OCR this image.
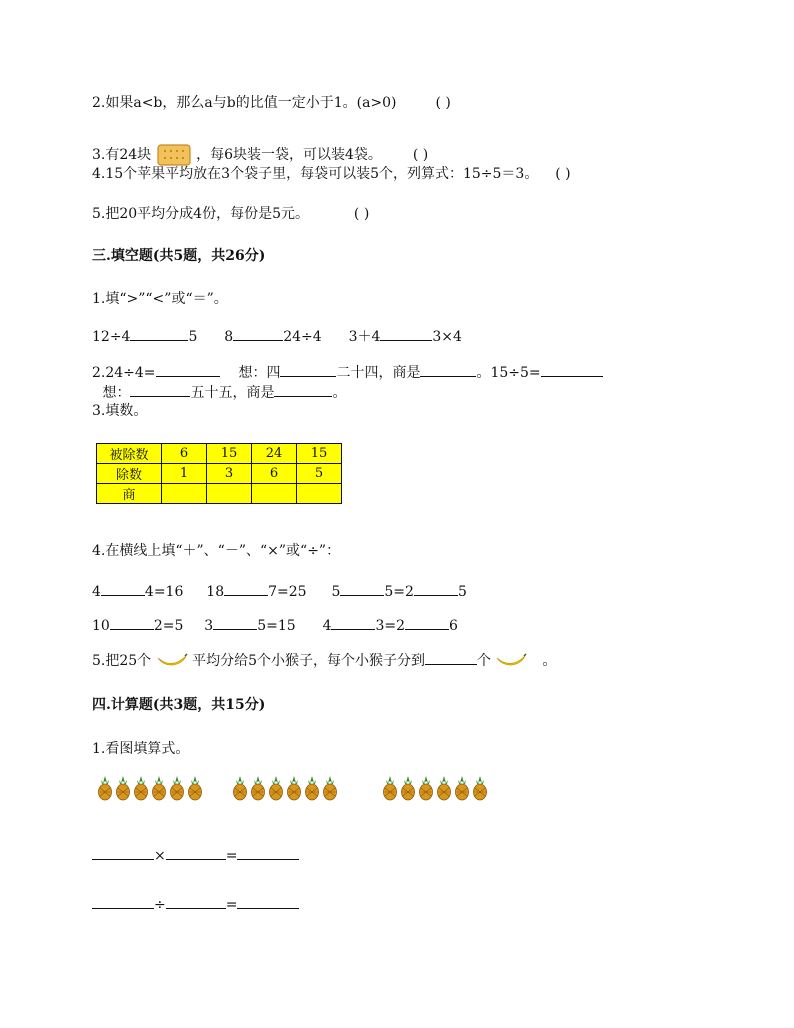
2.如果a<b，那么a与b的比值一定小于1。(a>0)	( )
3.有24块	，每6块装一袋，可以装4袋。 ( )
4.15个苹果平均放在3个袋子里，每袋可以装5个，列算式：15÷5＝3。 ( )
5.把20平均分成4份，每份是5元。	( )
三.填空题(共5题，共26分)
1.填“>”“<”或“＝”。
12÷4	5 8	24÷4 3＋4	3×4
2.24÷4=	想：四	二十四，商是	。15÷5=
想：	五十五，商是	。
3.填数。
被除数	6	15	24	15
除数	1	3	6	5
商				
4.在横线上填“＋”、“－”、“×”或“÷”：
4	4=16 18	7=25 5	5=2	5
10	2=5 3	5=15 4	3=2	6
5.把25个	平均分给5个小猴子，每个小猴子分到	个	。
四.计算题(共3题，共15分)
1.看图填算式。
×	=
÷	=
